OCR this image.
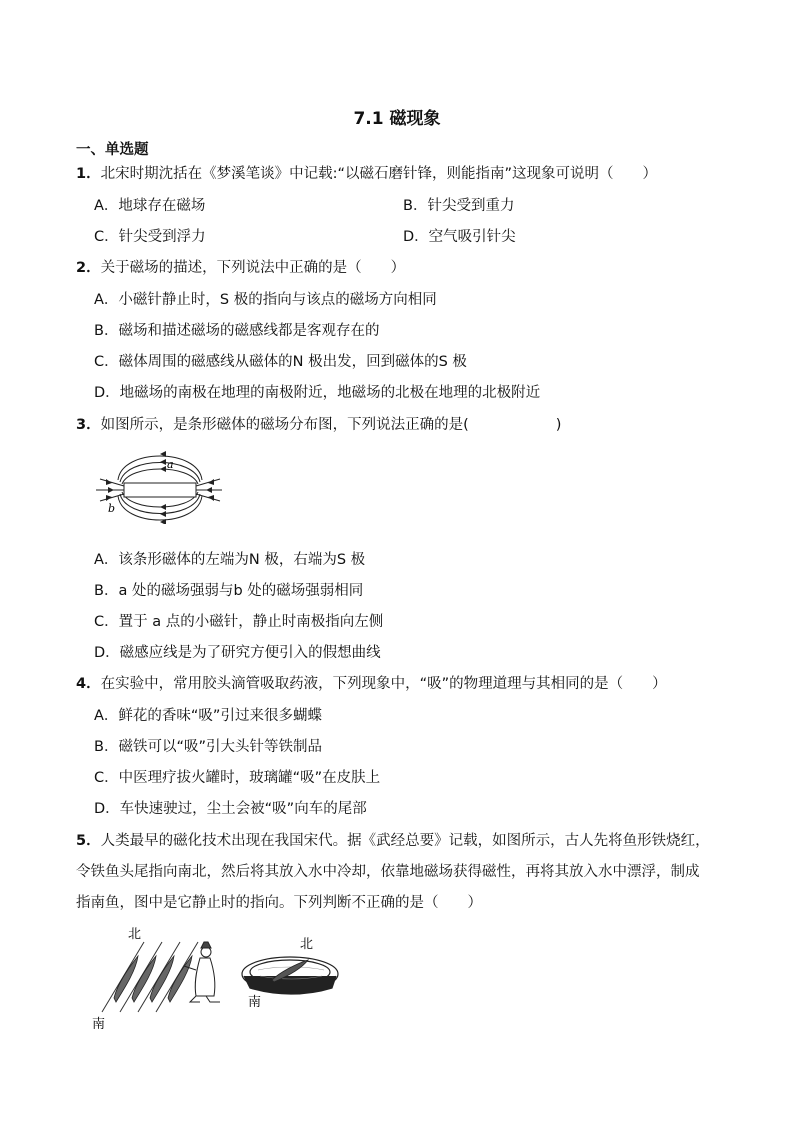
7.1 磁现象
一、单选题
1．北宋时期沈括在《梦溪笔谈》中记载:“以磁石磨针锋，则能指南”这现象可说明（　　）
A．地球存在磁场	B．针尖受到重力
C．针尖受到浮力	D．空气吸引针尖
2．关于磁场的描述，下列说法中正确的是（　　）
A．小磁针静止时，S 极的指向与该点的磁场方向相同
B．磁场和描述磁场的磁感线都是客观存在的
C．磁体周围的磁感线从磁体的N 极出发，回到磁体的S 极
D．地磁场的南极在地理的南极附近，地磁场的北极在地理的北极附近
3．如图所示，是条形磁体的磁场分布图，下列说法正确的是(　　　　　　)
a
b
A．该条形磁体的左端为N 极，右端为S 极
B．a 处的磁场强弱与b 处的磁场强弱相同
C．置于 a 点的小磁针，静止时南极指向左侧
D．磁感应线是为了研究方便引入的假想曲线
4．在实验中，常用胶头滴管吸取药液，下列现象中，“吸”的物理道理与其相同的是（　　）
A．鲜花的香味“吸”引过来很多蝴蝶
B．磁铁可以“吸”引大头针等铁制品
C．中医理疗拔火罐时，玻璃罐“吸”在皮肤上
D．车快速驶过，尘土会被“吸”向车的尾部
5．人类最早的磁化技术出现在我国宋代。据《武经总要》记载，如图所示，古人先将鱼形铁烧红，
令铁鱼头尾指向南北，然后将其放入水中冷却，依靠地磁场获得磁性，再将其放入水中漂浮，制成
指南鱼，图中是它静止时的指向。下列判断不正确的是（　　）
北
南
北
南
